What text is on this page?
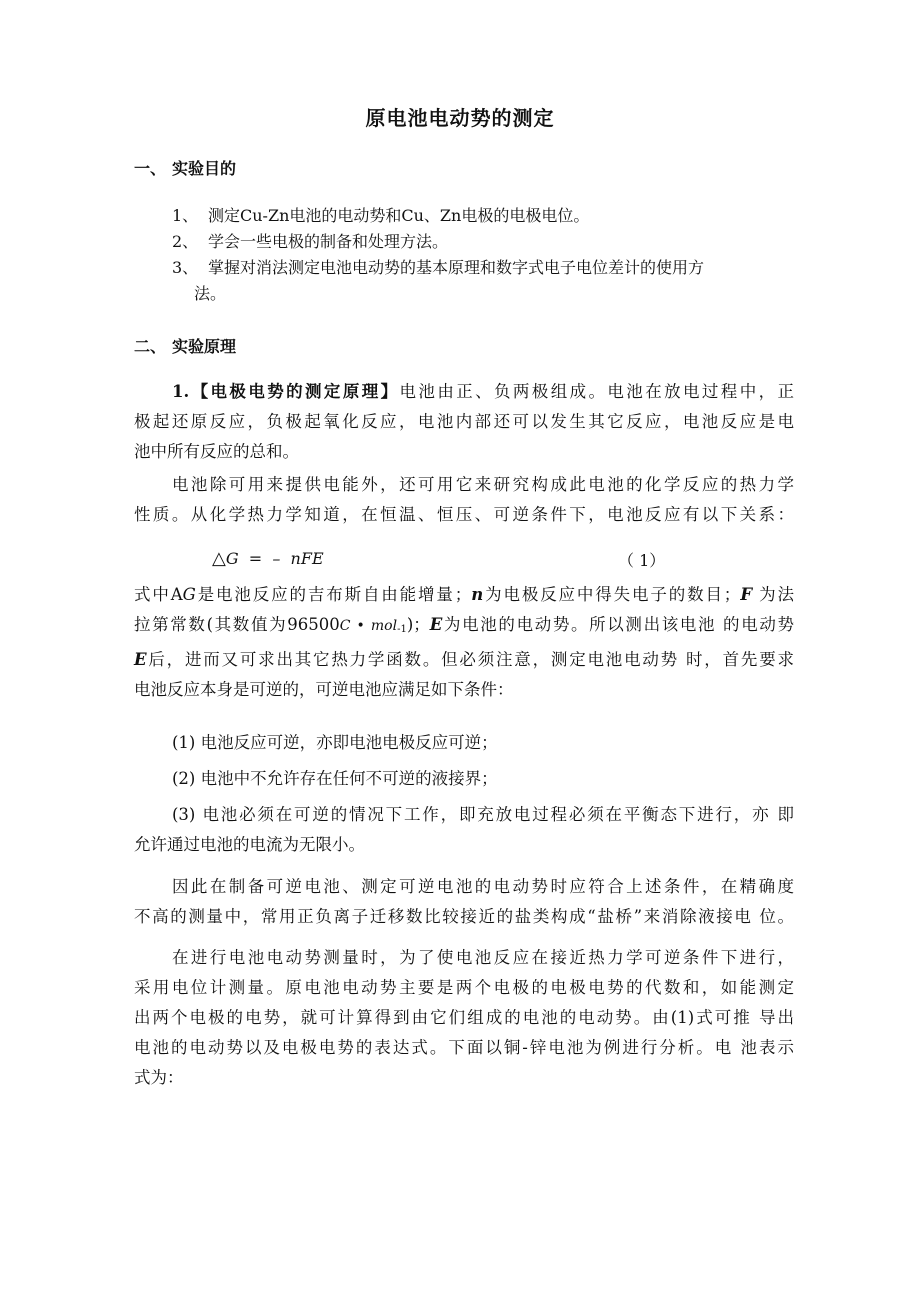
原电池电动势的测定
一、 实验目的
1、 测定Cu-Zn电池的电动势和Cu、Zn电极的电极电位。
2、 学会一些电极的制备和处理方法。
3、 掌握对消法测定电池电动势的基本原理和数字式电子电位差计的使用方
法。
二、 实验原理
1.【电极电势的测定原理】电池由正、负两极组成。电池在放电过程中，正
极起还原反应，负极起氧化反应，电池内部还可以发生其它反应，电池反应是电
池中所有反应的总和。
电池除可用来提供电能外，还可用它来研究构成此电池的化学反应的热力学
性质。从化学热力学知道，在恒温、恒压、可逆条件下，电池反应有以下关系：
△G  =  –  nFE	（ 1）
式中AG是电池反应的吉布斯自由能增量；n为电极反应中得失电子的数目；F 为法
拉第常数(其数值为96500C • mol$_{-1}$)；E为电池的电动势。所以测出该电池 的电动势
E后，进而又可求出其它热力学函数。但必须注意，测定电池电动势 时，首先要求
电池反应本身是可逆的，可逆电池应满足如下条件：
(1) 电池反应可逆，亦即电池电极反应可逆；
(2) 电池中不允许存在任何不可逆的液接界；
(3) 电池必须在可逆的情况下工作，即充放电过程必须在平衡态下进行，亦 即
允许通过电池的电流为无限小。
因此在制备可逆电池、测定可逆电池的电动势时应符合上述条件，在精确度
不高的测量中，常用正负离子迁移数比较接近的盐类构成“盐桥”来消除液接电 位。
在进行电池电动势测量时，为了使电池反应在接近热力学可逆条件下进行，
采用电位计测量。原电池电动势主要是两个电极的电极电势的代数和，如能测定
出两个电极的电势，就可计算得到由它们组成的电池的电动势。由(1)式可推 导出
电池的电动势以及电极电势的表达式。下面以铜-锌电池为例进行分析。电 池表示
式为：
